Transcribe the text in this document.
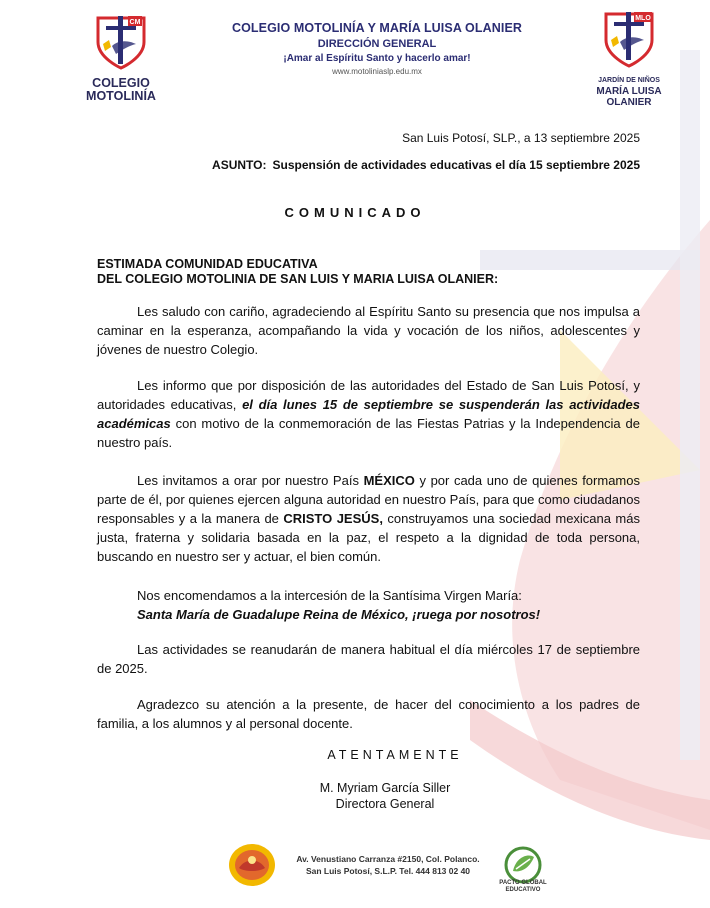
CM
COLEGIO
MOTOLINÍA
MLO
JARDÍN DE NIÑOS
MARÍA LUISA
OLANIER
COLEGIO MOTOLINÍA Y MARÍA LUISA OLANIER
DIRECCIÓN GENERAL
¡Amar al Espíritu Santo y hacerlo amar!
www.motoliniaslp.edu.mx
San Luis Potosí, SLP., a 13 septiembre 2025
ASUNTO: Suspensión de actividades educativas el día 15 septiembre 2025
COMUNICADO
ESTIMADA COMUNIDAD EDUCATIVA
DEL COLEGIO MOTOLINIA DE SAN LUIS Y MARIA LUISA OLANIER:
Les saludo con cariño, agradeciendo al Espíritu Santo su presencia que nos impulsa a caminar en la esperanza, acompañando la vida y vocación de los niños, adolescentes y jóvenes de nuestro Colegio.
Les informo que por disposición de las autoridades del Estado de San Luis Potosí, y autoridades educativas, el día lunes 15 de septiembre se suspenderán las actividades académicas con motivo de la conmemoración de las Fiestas Patrias y la Independencia de nuestro país.
Les invitamos a orar por nuestro País MÉXICO y por cada uno de quienes formamos parte de él, por quienes ejercen alguna autoridad en nuestro País, para que como ciudadanos responsables y a la manera de CRISTO JESÚS, construyamos una sociedad mexicana más justa, fraterna y solidaria basada en la paz, el respeto a la dignidad de toda persona, buscando en nuestro ser y actuar, el bien común.
Nos encomendamos a la intercesión de la Santísima Virgen María:
Santa María de Guadalupe Reina de México, ¡ruega por nosotros!
Las actividades se reanudarán de manera habitual el día miércoles 17 de septiembre de 2025.
Agradezco su atención a la presente, de hacer del conocimiento a los padres de familia, a los alumnos y al personal docente.
ATENTAMENTE
M. Myriam García Siller
Directora General
Av. Venustiano Carranza #2150, Col. Polanco.
San Luis Potosí, S.L.P. Tel. 444 813 02 40
PACTO GLOBAL
EDUCATIVO
